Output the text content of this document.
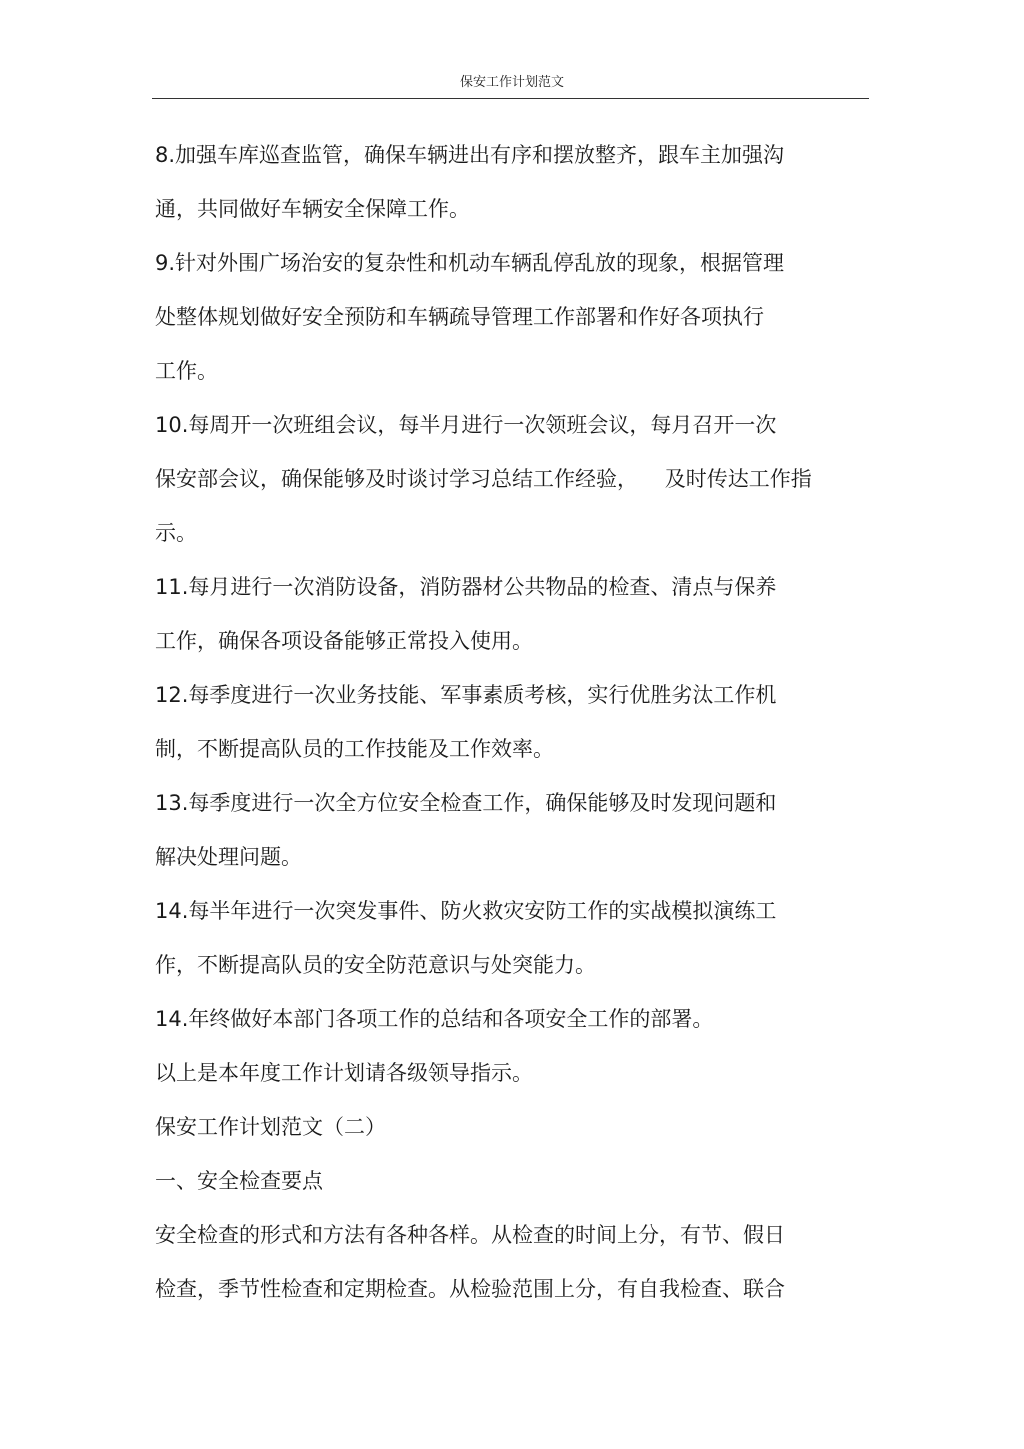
保安工作计划范文
8.加强车库巡查监管，确保车辆进出有序和摆放整齐，跟车主加强沟
通，共同做好车辆安全保障工作。
9.针对外围广场治安的复杂性和机动车辆乱停乱放的现象，根据管理
处整体规划做好安全预防和车辆疏导管理工作部署和作好各项执行
工作。
10.每周开一次班组会议，每半月进行一次领班会议，每月召开一次
保安部会议，确保能够及时谈讨学习总结工作经验，    及时传达工作指
示。
11.每月进行一次消防设备，消防器材公共物品的检查、清点与保养
工作，确保各项设备能够正常投入使用。
12.每季度进行一次业务技能、军事素质考核，实行优胜劣汰工作机
制，不断提高队员的工作技能及工作效率。
13.每季度进行一次全方位安全检查工作，确保能够及时发现问题和
解决处理问题。
14.每半年进行一次突发事件、防火救灾安防工作的实战模拟演练工
作，不断提高队员的安全防范意识与处突能力。
14.年终做好本部门各项工作的总结和各项安全工作的部署。
以上是本年度工作计划请各级领导指示。
保安工作计划范文（二）
一、安全检查要点
安全检查的形式和方法有各种各样。从检查的时间上分，有节、假日
检查，季节性检查和定期检查。从检验范围上分，有自我检查、联合
